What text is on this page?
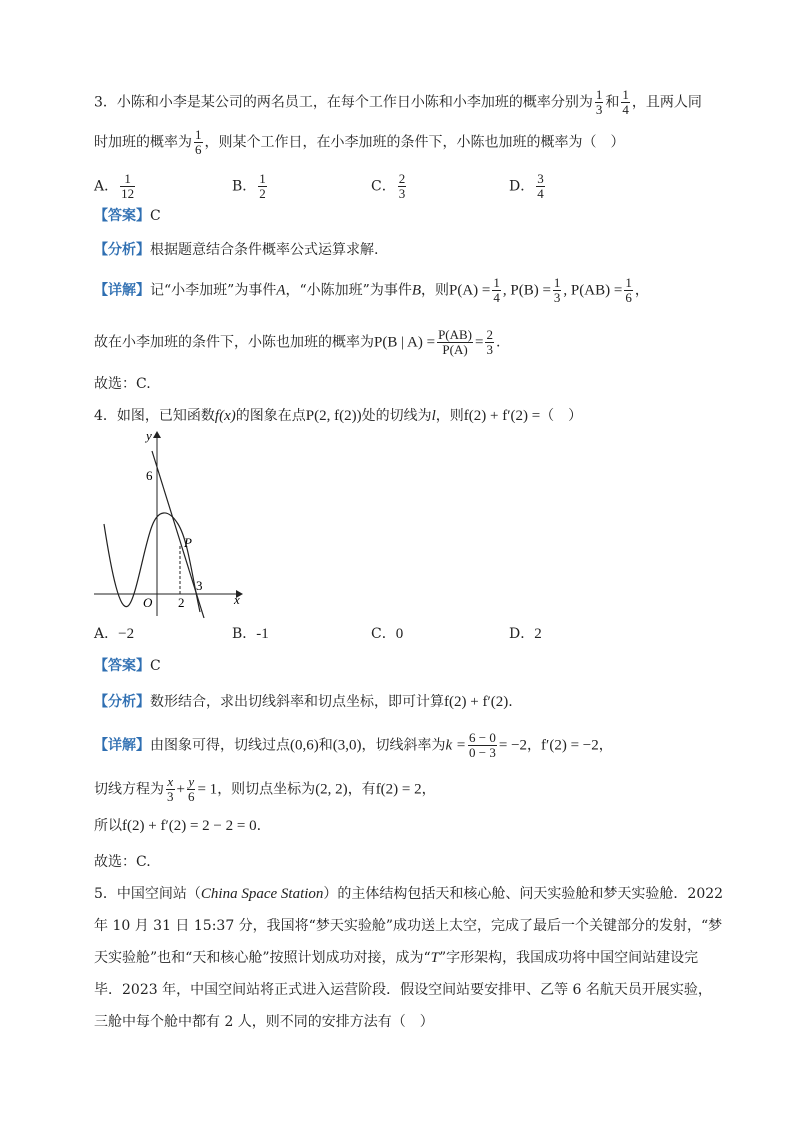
3．小陈和小李是某公司的两名员工，在每个工作日小陈和小李加班的概率分别为 $\frac{1}{3}$ 和 $\frac{1}{4}$ ，且两人同
时加班的概率为 $\frac{1}{6}$ ，则某个工作日，在小李加班的条件下，小陈也加班的概率为（　）
A． $\frac{1}{12}$	B． $\frac{1}{2}$	C． $\frac{2}{3}$	D． $\frac{3}{4}$
【答案】C
【分析】根据题意结合条件概率公式运算求解.
【详解】记“小李加班”为事件A，“小陈加班”为事件B，则$P(A) = \frac{1}{4}$ , $P(B) = \frac{1}{3}$ , $P(AB) = \frac{1}{6}$ ，
故在小李加班的条件下，小陈也加班的概率为P(B | $A) = \frac{P(AB)}{P(A)} = \frac{2}{3}$ .
故选：C.
4．如图，已知函数f(x)的图象在点P(2, f(2))处的切线为l，则f(2) + f′(2) =（　）
y
x
O
6
2
3
P
A．−2	B．-1	C．0	D．2
【答案】C
【分析】数形结合，求出切线斜率和切点坐标，即可计算f(2) + f′(2).
【详解】由图象可得，切线过点(0,6)和(3,0)，切线斜率为$k = \frac{6 - 0}{0 - 3} = -2$，f′(2) = −2，
切线方程为 $\frac{x}{3} + \frac{y}{6} = 1$，则切点坐标为(2, 2)，有f(2) = 2，
所以f(2) + f′(2) = 2 − 2 = 0.
故选：C.
5．中国空间站（China Space Station）的主体结构包括天和核心舱、问天实验舱和梦天实验舱．2022
年 10 月 31 日 15:37 分，我国将“梦天实验舱”成功送上太空，完成了最后一个关键部分的发射，“梦
天实验舱”也和“天和核心舱”按照计划成功对接，成为“T”字形架构，我国成功将中国空间站建设完
毕．2023 年，中国空间站将正式进入运营阶段．假设空间站要安排甲、乙等 6 名航天员开展实验，
三舱中每个舱中都有 2 人，则不同的安排方法有（　）
